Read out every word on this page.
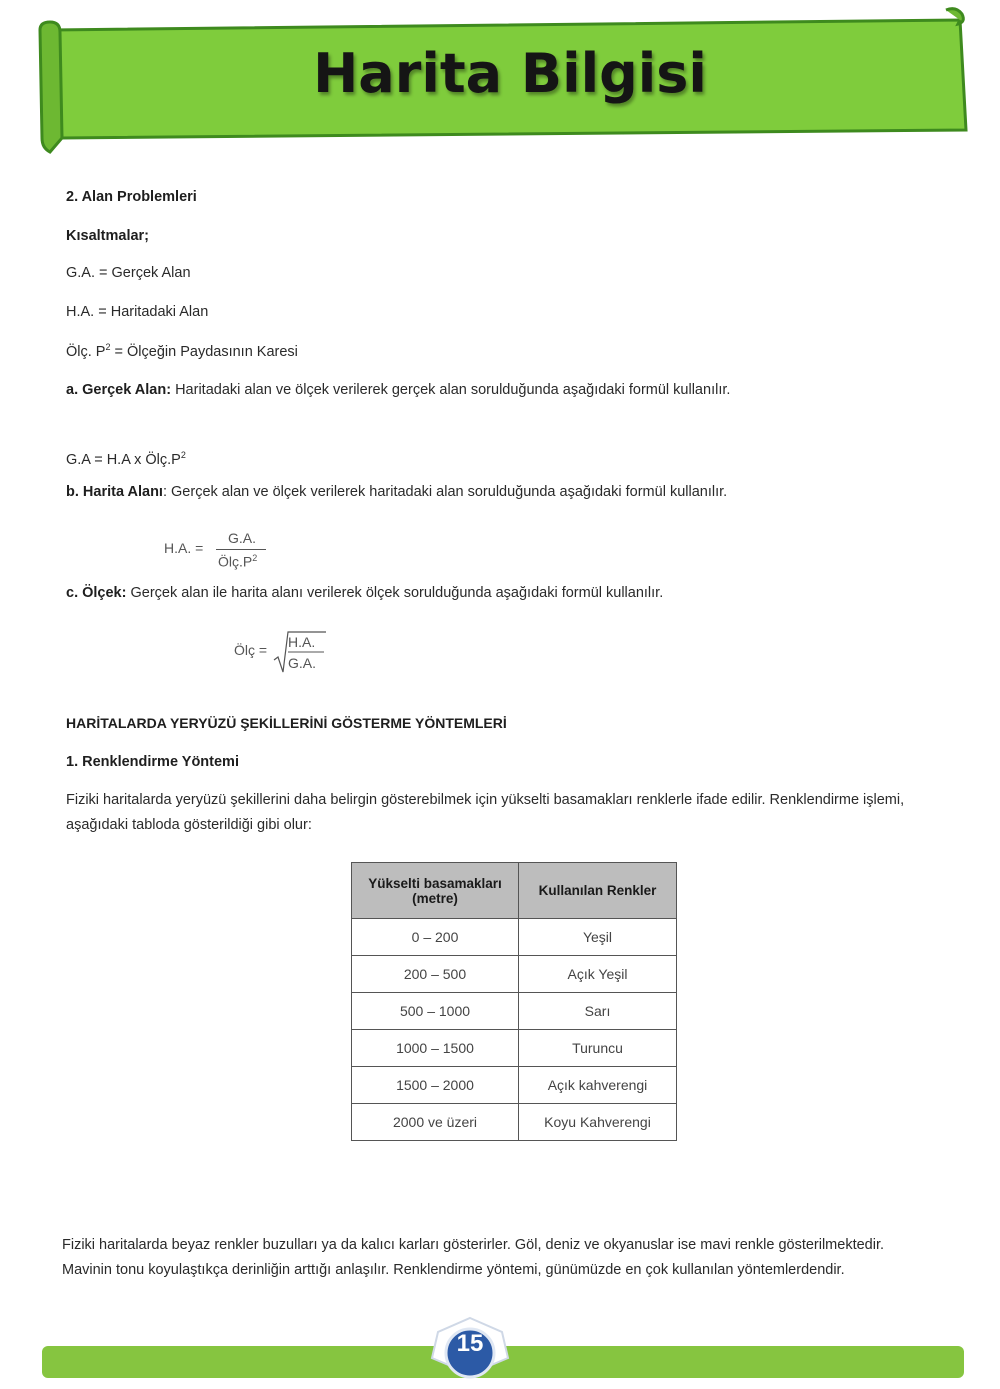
Harita Bilgisi
2. Alan Problemleri
Kısaltmalar;
G.A. = Gerçek Alan
H.A. = Haritadaki Alan
Ölç. $P^2$ = Ölçeğin Paydasının Karesi
a. Gerçek Alan: Haritadaki alan ve ölçek verilerek gerçek alan sorulduğunda aşağıdaki formül kullanılır.
G.A = H.A x $Ölç.P^2$
b. Harita Alanı: Gerçek alan ve ölçek verilerek haritadaki alan sorulduğunda aşağıdaki formül kullanılır.
H.A. =
G.A.
$Ölç.P^2$
c. Ölçek: Gerçek alan ile harita alanı verilerek ölçek sorulduğunda aşağıdaki formül kullanılır.
Ölç = H.A.
G.A.
HARİTALARDA YERYÜZÜ ŞEKİLLERİNİ GÖSTERME YÖNTEMLERİ
1. Renklendirme Yöntemi
Fiziki haritalarda yeryüzü şekillerini daha belirgin gösterebilmek için yükselti basamakları renklerle ifade edilir. Renklendirme işlemi, aşağıdaki tabloda gösterildiği gibi olur:
Yükselti basamakları
(metre)	Kullanılan Renkler
0 – 200	Yeşil
200 – 500	Açık Yeşil
500 – 1000	Sarı
1000 – 1500	Turuncu
1500 – 2000	Açık kahverengi
2000 ve üzeri	Koyu Kahverengi
Fiziki haritalarda beyaz renkler buzulları ya da kalıcı karları gösterirler. Göl, deniz ve okyanuslar ise mavi renkle gösterilmektedir.
Mavinin tonu koyulaştıkça derinliğin arttığı anlaşılır. Renklendirme yöntemi, günümüzde en çok kullanılan yöntemlerdendir.
15
